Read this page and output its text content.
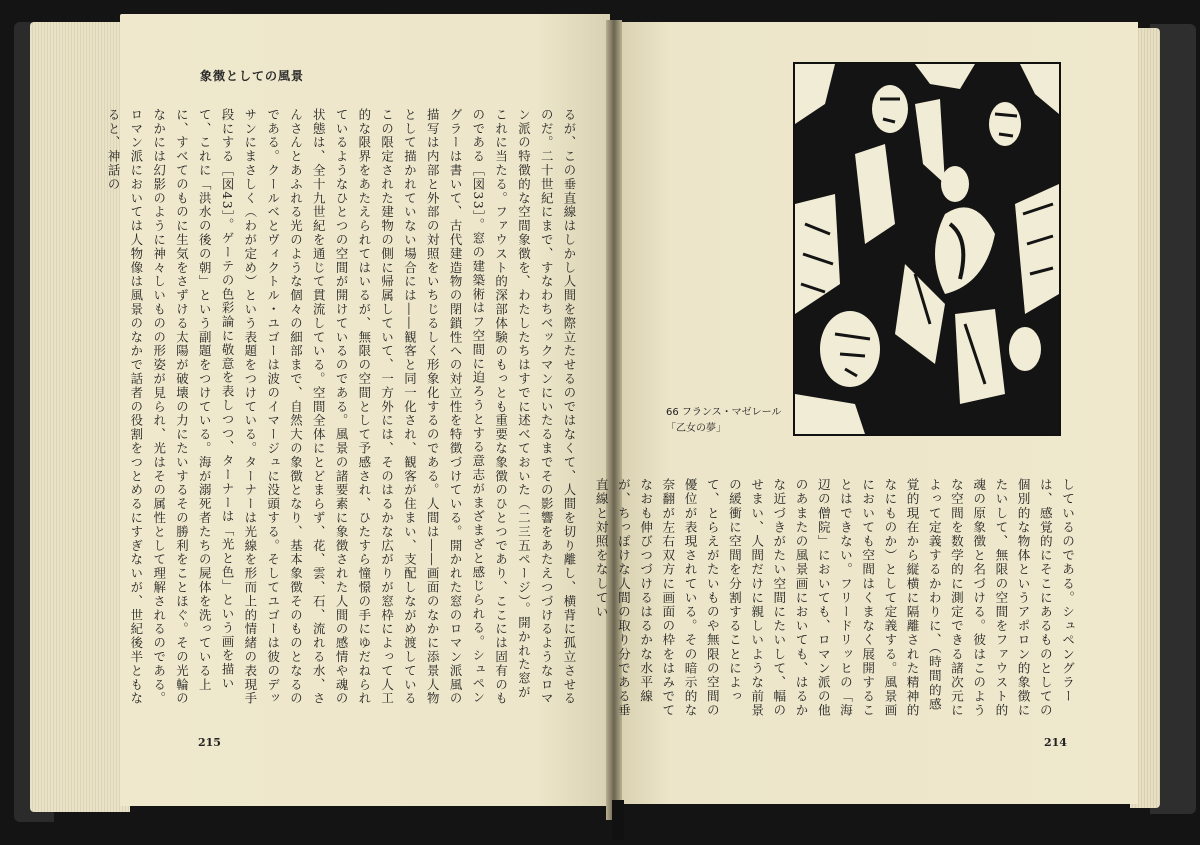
象徴としての風景
るが、この垂直線はしかし人間を際立たせるのではなくて、人間を切り離し、横背に孤立させるのだ。二十世紀にまで、すなわちベックマンにいたるまでその影響をあたえつづけるようなロマン派の特徴的な空間象徴を、わたしたちはすでに述べておいた（二三五ページ）。開かれた窓がこれに当たる。ファウスト的深部体験のもっとも重要な象徴のひとつであり、ここには固有のものである［図33］。窓の建築術はフ空間に迫ろうとする意志がまざまざと感じられる。シュペングラーは書いて、古代建造物の閉鎖性への対立性を特徴づけている。開かれた窓のロマン派風の描写は内部と外部の対照をいちじるしく形象化するのである。人間は――画面のなかに添景人物として描かれていない場合には――観客と同一化され、観客が住まい、支配しながめ渡しているこの限定された建物の側に帰属していて、一方外には、そのはるかな広がりが窓枠によって人工的な限界をあたえられてはいるが、無限の空間として予感され、ひたすら憧憬の手にゆだねられているようなひとつの空間が開けているのである。風景の諸要素に象徴された人間の感情や魂の状態は、全十九世紀を通じて貫流している。空間全体にとどまらず、花、雲、石、流れる水、さんさんとあふれる光のような個々の細部まで、自然大の象徴となり、基本象徴そのものとなるのである。クールベとヴィクトル・ユゴーは波のイマージュに没頭する。そしてユゴーは彼のデッサンにまさしく（わが定め）という表題をつけている。ターナーは光線を形而上的情緒の表現手段にする［図43］。ゲーテの色彩論に敬意を表しつつ、ターナーは「光と色」という画を描いて、これに「洪水の後の朝」という副題をつけている。海が溺死者たちの屍体を洗っている上に、すべてのものに生気をさずける太陽が破壊の力にたいするその勝利をことほぐ。その光輪のなかには幻影のように神々しいものの形姿が見られ、光はその属性として理解されるのである。ロマン派においては人物像は風景のなかで話者の役割をつとめるにすぎないが、世紀後半ともなると、神話の
215
66 フランス・マゼレール
「乙女の夢」
しているのである。シュペングラーは、感覚的にそこにあるものとしての個別的な物体というアポロン的象徴にたいして、無限の空間をファウスト的魂の原象徴と名づける。彼はこのような空間を数学的に測定できる諸次元によって定義するかわりに、（時間的感覚的現在から縦横に隔離された精神的なにものか）として定義する。風景画においても空間はくまなく展開することはできない。フリードリッヒの「海辺の僧院」においても、ロマン派の他のあまたの風景画においても、はるかな近づきがたい空間にたいして、幅のせまい、人間だけに親しいような前景の緩衝に空間を分割することによって、とらえがたいものや無限の空間の優位が表現されている。その暗示的な奈翻が左右双方に画面の枠をはみでてなおも伸びつづけるはるかな水平線が、ちっぽけな人間の取り分である垂直線と対照をなしてい
214
